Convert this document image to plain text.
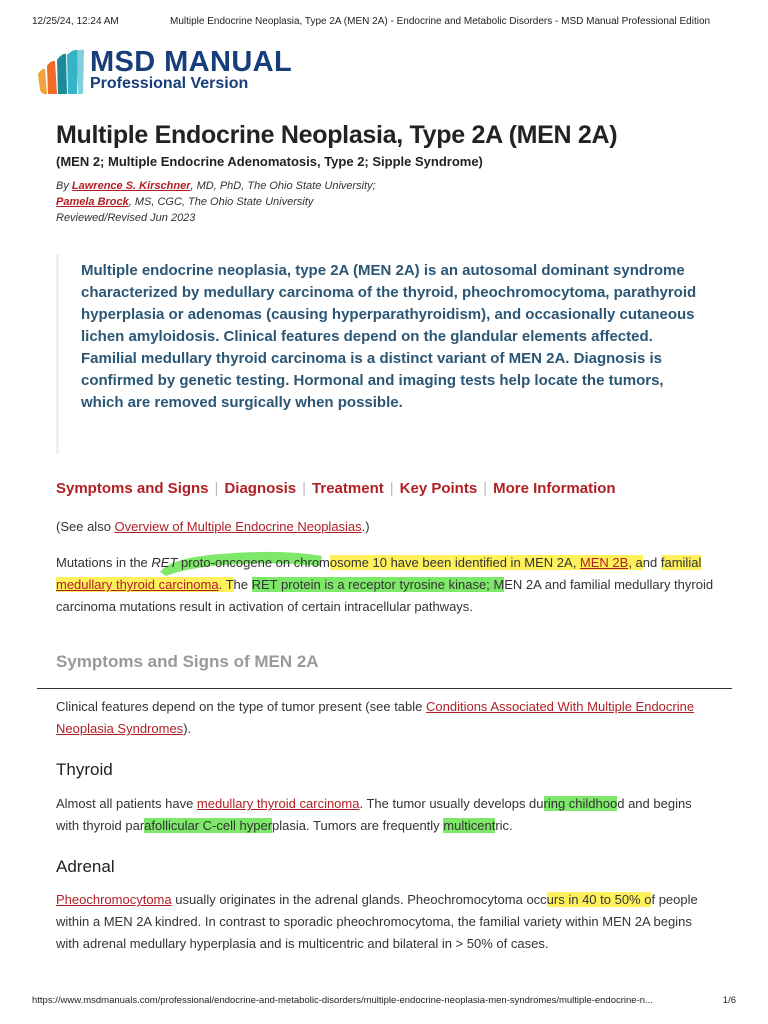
12/25/24, 12:24 AM	Multiple Endocrine Neoplasia, Type 2A (MEN 2A) - Endocrine and Metabolic Disorders - MSD Manual Professional Edition
MSD MANUAL
Professional Version
Multiple Endocrine Neoplasia, Type 2A (MEN 2A)
(MEN 2; Multiple Endocrine Adenomatosis, Type 2; Sipple Syndrome)
By Lawrence S. Kirschner, MD, PhD, The Ohio State University;
Pamela Brock, MS, CGC, The Ohio State University
Reviewed/Revised Jun 2023

Multiple endocrine neoplasia, type 2A (MEN 2A) is an autosomal dominant syndrome characterized by medullary carcinoma of the thyroid, pheochromocytoma, parathyroid hyperplasia or adenomas (causing hyperparathyroidism), and occasionally cutaneous lichen amyloidosis. Clinical features depend on the glandular elements affected. Familial medullary thyroid carcinoma is a distinct variant of MEN 2A. Diagnosis is confirmed by genetic testing. Hormonal and imaging tests help locate the tumors, which are removed surgically when possible.

Symptoms and Signs | Diagnosis | Treatment | Key Points | More Information

(See also Overview of Multiple Endocrine Neoplasias.)

Mutations in the RET proto-oncogene on chromosome 10 have been identified in MEN 2A, MEN 2B, and familial medullary thyroid carcinoma. The RET protein is a receptor tyrosine kinase; MEN 2A and familial medullary thyroid carcinoma mutations result in activation of certain intracellular pathways.

Symptoms and Signs of MEN 2A

Clinical features depend on the type of tumor present (see table Conditions Associated With Multiple Endocrine Neoplasia Syndromes).

Thyroid

Almost all patients have medullary thyroid carcinoma. The tumor usually develops during childhood and begins with thyroid parafollicular C-cell hyperplasia. Tumors are frequently multicentric.

Adrenal

Pheochromocytoma usually originates in the adrenal glands. Pheochromocytoma occurs in 40 to 50% of people within a MEN 2A kindred. In contrast to sporadic pheochromocytoma, the familial variety within MEN 2A begins with adrenal medullary hyperplasia and is multicentric and bilateral in > 50% of cases.

https://www.msdmanuals.com/professional/endocrine-and-metabolic-disorders/multiple-endocrine-neoplasia-men-syndromes/multiple-endocrine-n...	1/6
